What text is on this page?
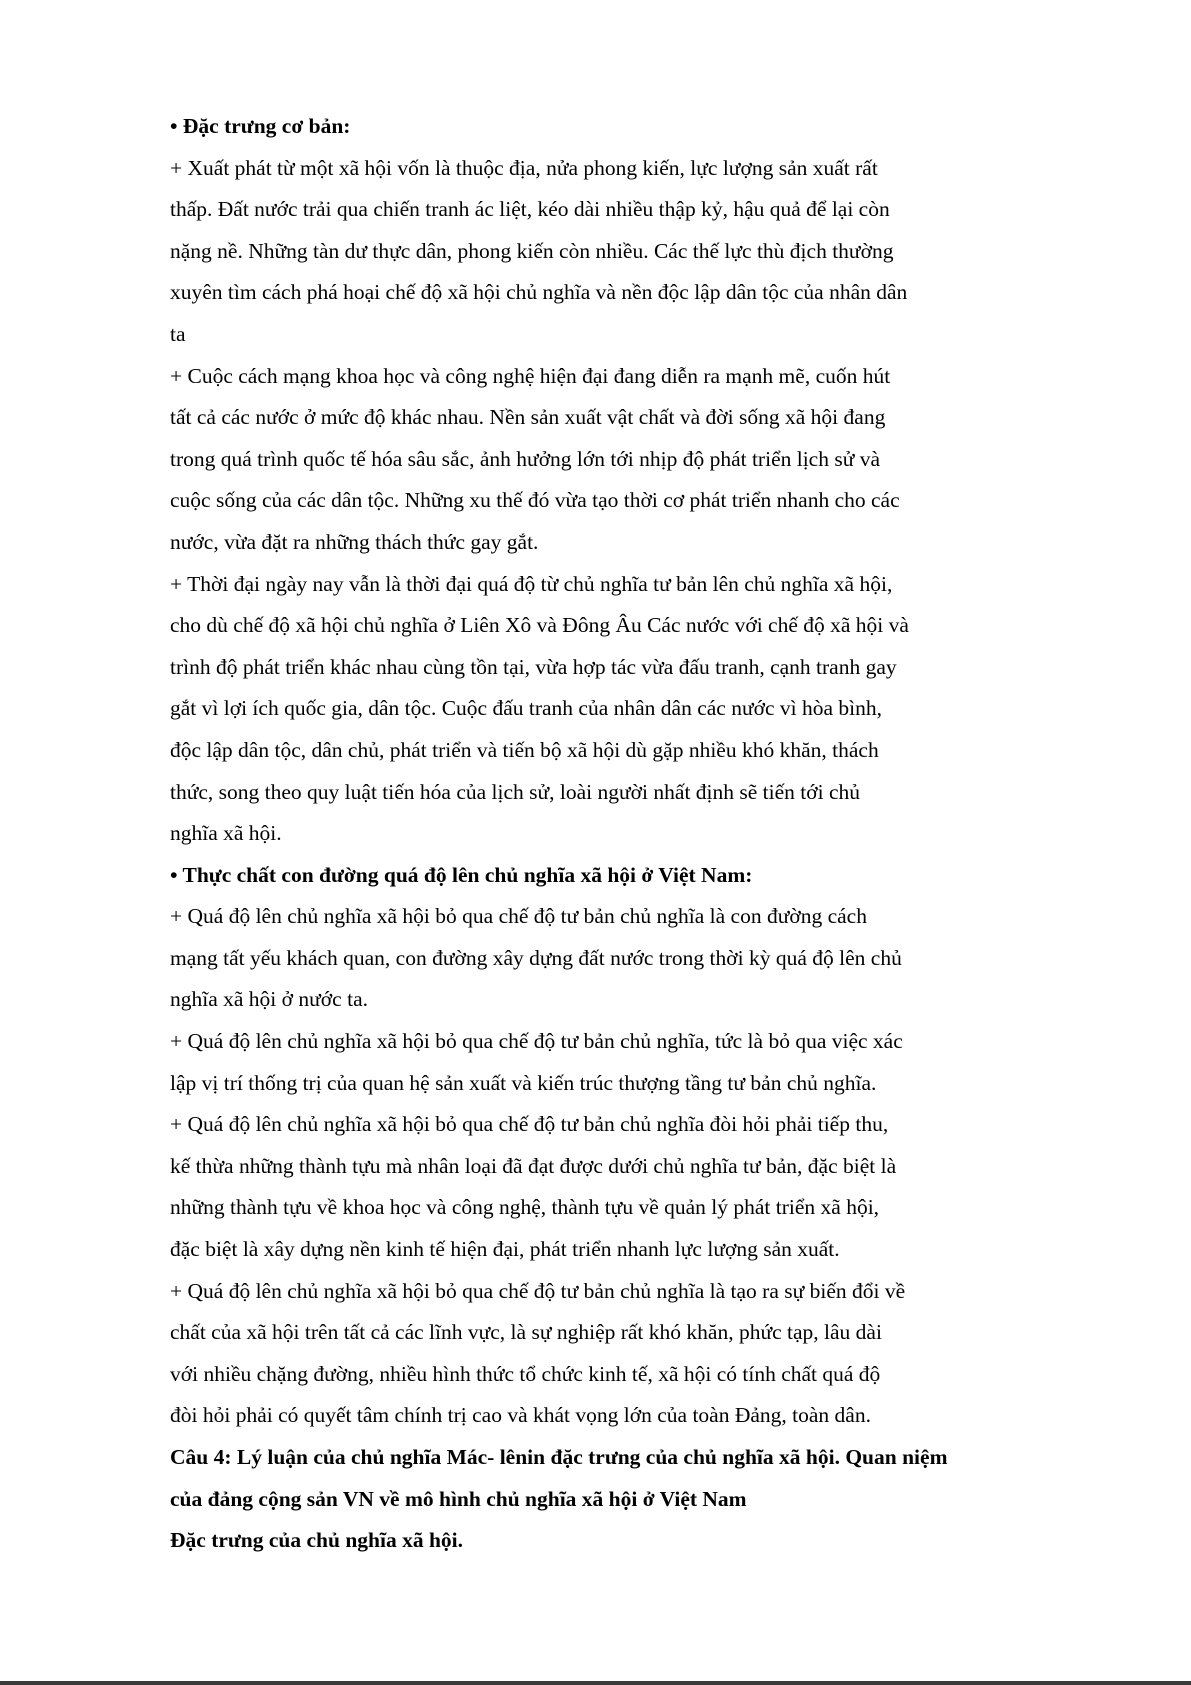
• Đặc trưng cơ bản:
+ Xuất phát từ một xã hội vốn là thuộc địa, nửa phong kiến, lực lượng sản xuất rất
thấp. Đất nước trải qua chiến tranh ác liệt, kéo dài nhiều thập kỷ, hậu quả để lại còn
nặng nề. Những tàn dư thực dân, phong kiến còn nhiều. Các thế lực thù địch thường
xuyên tìm cách phá hoại chế độ xã hội chủ nghĩa và nền độc lập dân tộc của nhân dân
ta
+ Cuộc cách mạng khoa học và công nghệ hiện đại đang diễn ra mạnh mẽ, cuốn hút
tất cả các nước ở mức độ khác nhau. Nền sản xuất vật chất và đời sống xã hội đang
trong quá trình quốc tế hóa sâu sắc, ảnh hưởng lớn tới nhịp độ phát triển lịch sử và
cuộc sống của các dân tộc. Những xu thế đó vừa tạo thời cơ phát triển nhanh cho các
nước, vừa đặt ra những thách thức gay gắt.
+ Thời đại ngày nay vẫn là thời đại quá độ từ chủ nghĩa tư bản lên chủ nghĩa xã hội,
cho dù chế độ xã hội chủ nghĩa ở Liên Xô và Đông Âu Các nước với chế độ xã hội và
trình độ phát triển khác nhau cùng tồn tại, vừa hợp tác vừa đấu tranh, cạnh tranh gay
gắt vì lợi ích quốc gia, dân tộc. Cuộc đấu tranh của nhân dân các nước vì hòa bình,
độc lập dân tộc, dân chủ, phát triển và tiến bộ xã hội dù gặp nhiều khó khăn, thách
thức, song theo quy luật tiến hóa của lịch sử, loài người nhất định sẽ tiến tới chủ
nghĩa xã hội.
• Thực chất con đường quá độ lên chủ nghĩa xã hội ở Việt Nam:
+ Quá độ lên chủ nghĩa xã hội bỏ qua chế độ tư bản chủ nghĩa là con đường cách
mạng tất yếu khách quan, con đường xây dựng đất nước trong thời kỳ quá độ lên chủ
nghĩa xã hội ở nước ta.
+ Quá độ lên chủ nghĩa xã hội bỏ qua chế độ tư bản chủ nghĩa, tức là bỏ qua việc xác
lập vị trí thống trị của quan hệ sản xuất và kiến trúc thượng tầng tư bản chủ nghĩa.
+ Quá độ lên chủ nghĩa xã hội bỏ qua chế độ tư bản chủ nghĩa đòi hỏi phải tiếp thu,
kế thừa những thành tựu mà nhân loại đã đạt được dưới chủ nghĩa tư bản, đặc biệt là
những thành tựu về khoa học và công nghệ, thành tựu về quản lý phát triển xã hội,
đặc biệt là xây dựng nền kinh tế hiện đại, phát triển nhanh lực lượng sản xuất.
+ Quá độ lên chủ nghĩa xã hội bỏ qua chế độ tư bản chủ nghĩa là tạo ra sự biến đổi về
chất của xã hội trên tất cả các lĩnh vực, là sự nghiệp rất khó khăn, phức tạp, lâu dài
với nhiều chặng đường, nhiều hình thức tổ chức kinh tế, xã hội có tính chất quá độ
đòi hỏi phải có quyết tâm chính trị cao và khát vọng lớn của toàn Đảng, toàn dân.
Câu 4: Lý luận của chủ nghĩa Mác- lênin đặc trưng của chủ nghĩa xã hội. Quan niệm
của đảng cộng sản VN về mô hình chủ nghĩa xã hội ở Việt Nam
Đặc trưng của chủ nghĩa xã hội.
